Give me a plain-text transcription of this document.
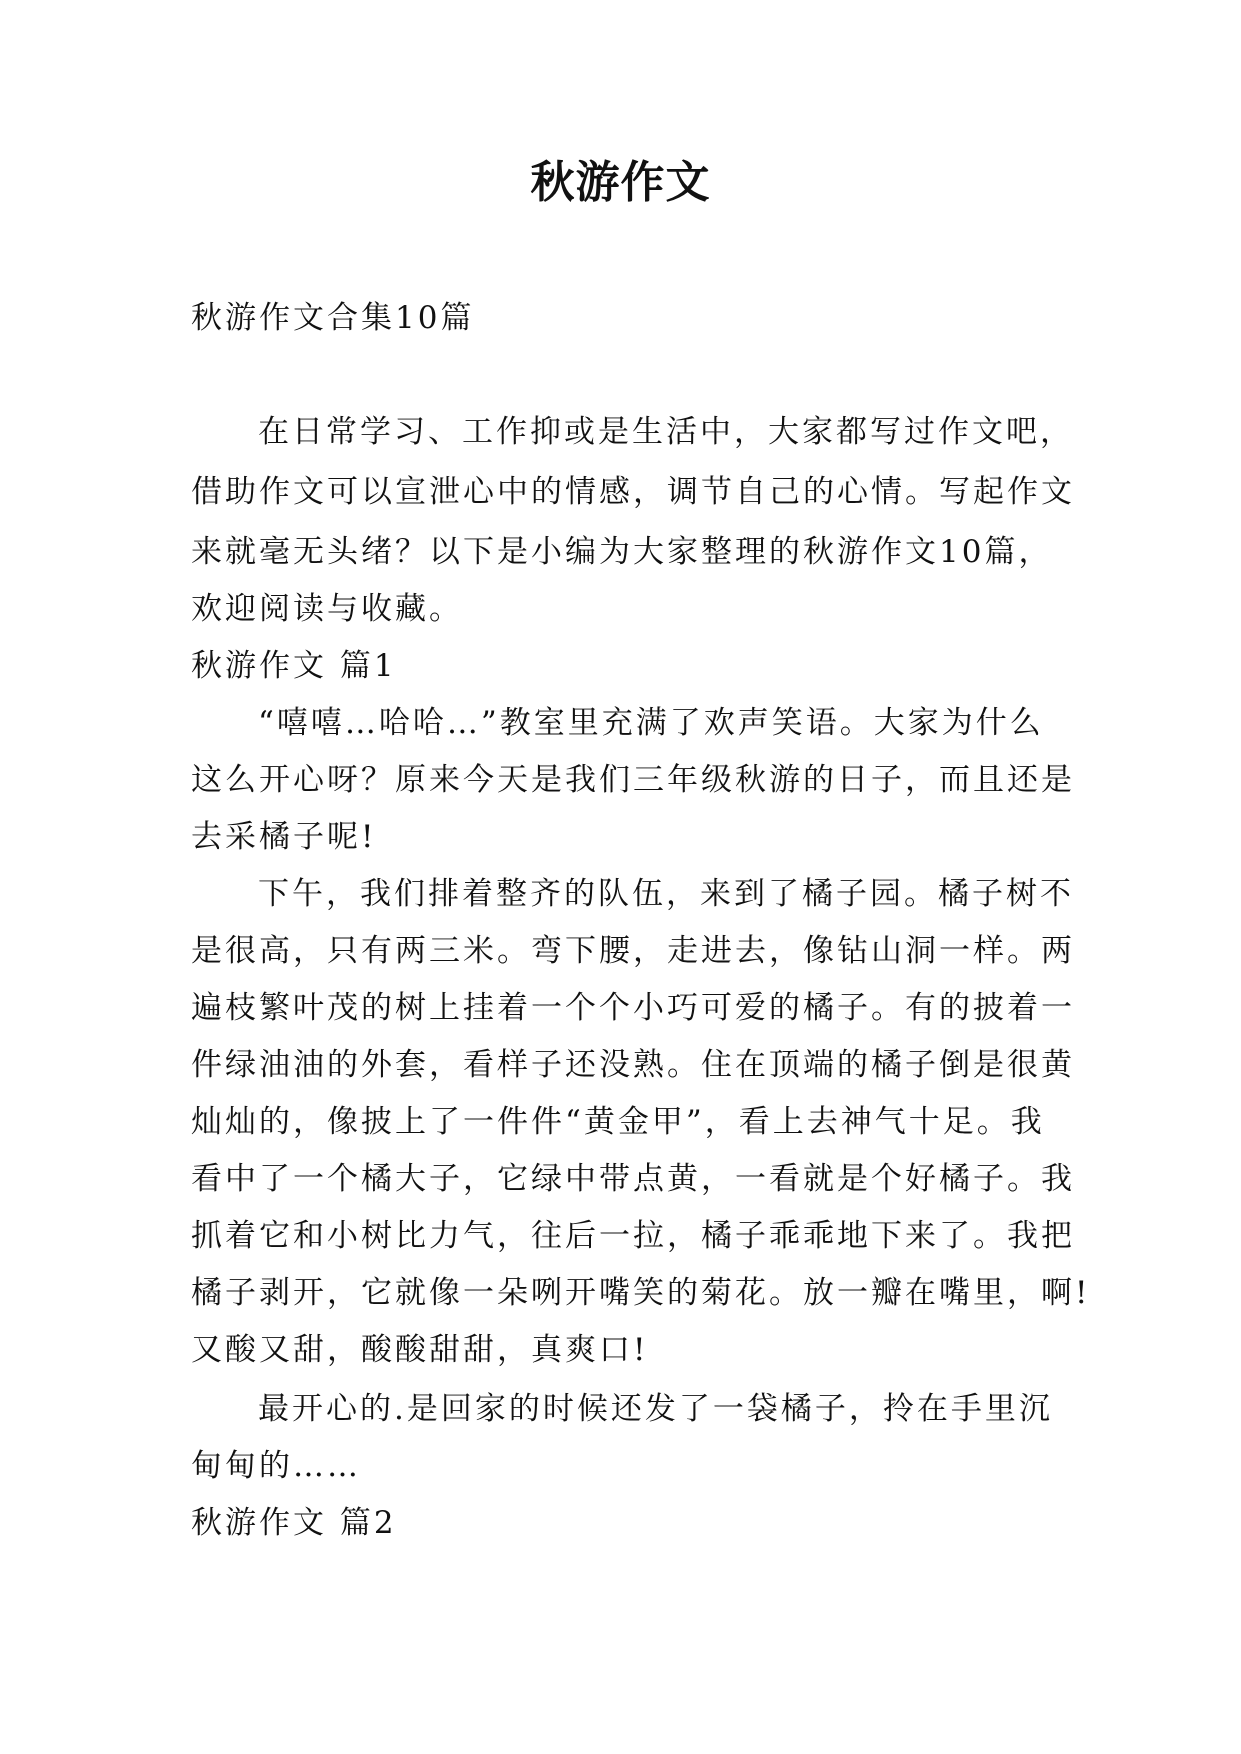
秋游作文
秋游作文合集10篇
在日常学习、工作抑或是生活中，大家都写过作文吧，
借助作文可以宣泄心中的情感，调节自己的心情。写起作文
来就毫无头绪？以下是小编为大家整理的秋游作文10篇，
欢迎阅读与收藏。
秋游作文 篇1
“嘻嘻…哈哈…”教室里充满了欢声笑语。大家为什么
这么开心呀？原来今天是我们三年级秋游的日子，而且还是
去采橘子呢!
下午，我们排着整齐的队伍，来到了橘子园。橘子树不
是很高，只有两三米。弯下腰，走进去，像钻山洞一样。两
遍枝繁叶茂的树上挂着一个个小巧可爱的橘子。有的披着一
件绿油油的外套，看样子还没熟。住在顶端的橘子倒是很黄
灿灿的，像披上了一件件“黄金甲”，看上去神气十足。我
看中了一个橘大子，它绿中带点黄，一看就是个好橘子。我
抓着它和小树比力气，往后一拉，橘子乖乖地下来了。我把
橘子剥开，它就像一朵咧开嘴笑的菊花。放一瓣在嘴里，啊!
又酸又甜，酸酸甜甜，真爽口!
最开心的.是回家的时候还发了一袋橘子，拎在手里沉
甸甸的……
秋游作文 篇2
